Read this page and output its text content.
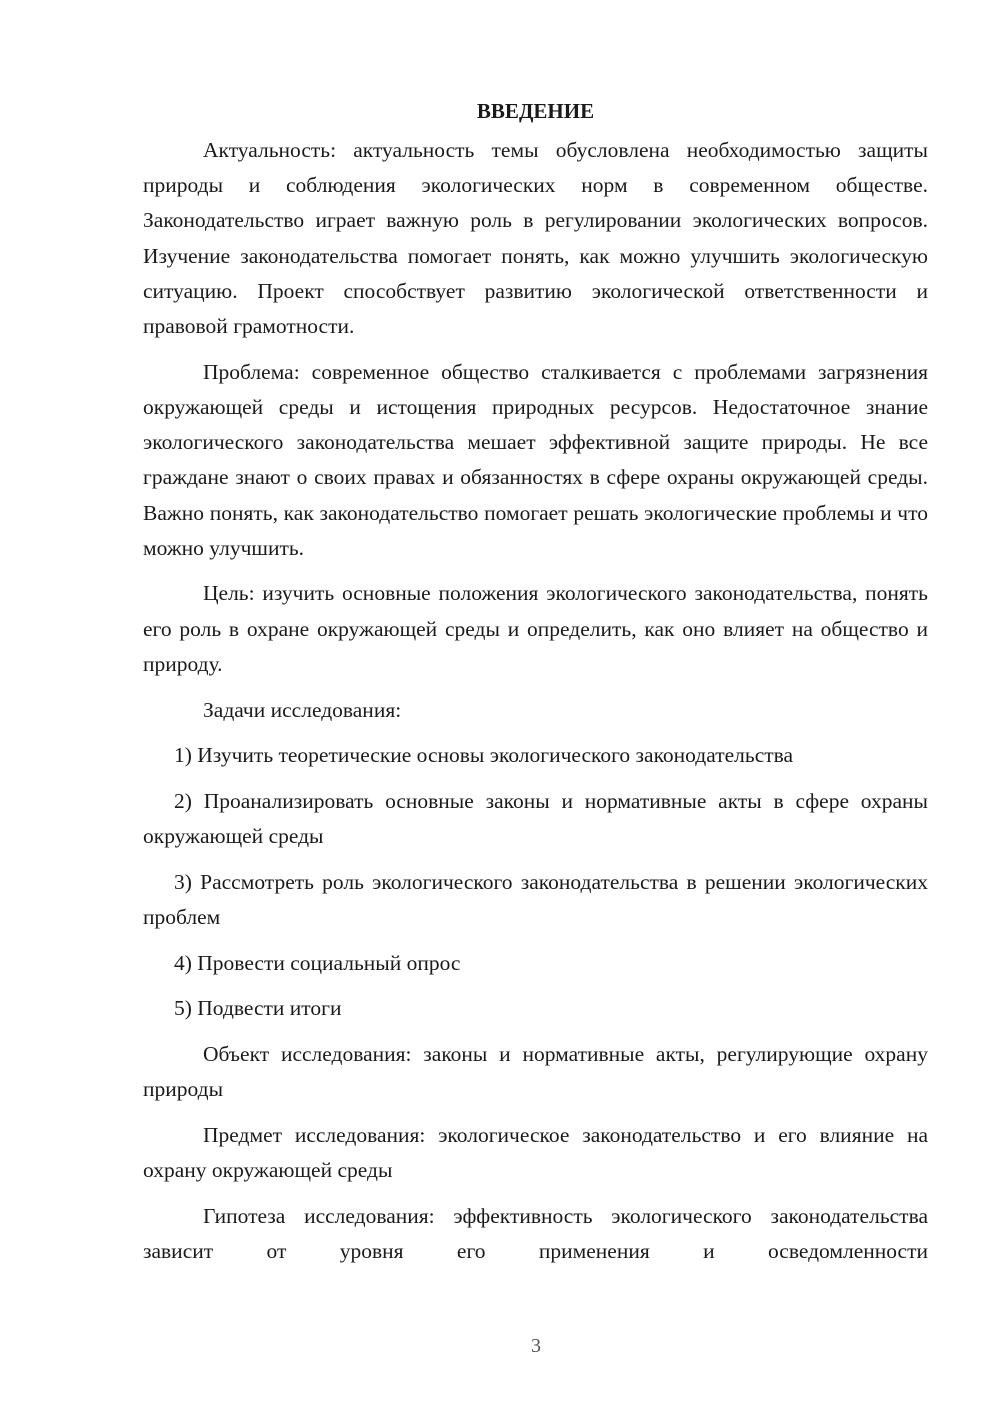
ВВЕДЕНИЕ

Актуальность: актуальность темы обусловлена необходимостью защиты природы и соблюдения экологических норм в современном обществе. Законодательство играет важную роль в регулировании экологических вопросов. Изучение законодательства помогает понять, как можно улучшить экологическую ситуацию. Проект способствует развитию экологической ответственности и правовой грамотности.

Проблема: современное общество сталкивается с проблемами загрязнения окружающей среды и истощения природных ресурсов. Недостаточное знание экологического законодательства мешает эффективной защите природы. Не все граждане знают о своих правах и обязанностях в сфере охраны окружающей среды. Важно понять, как законодательство помогает решать экологические проблемы и что можно улучшить.

Цель: изучить основные положения экологического законодательства, понять его роль в охране окружающей среды и определить, как оно влияет на общество и природу.

Задачи исследования:

1) Изучить теоретические основы экологического законодательства

2) Проанализировать основные законы и нормативные акты в сфере охраны окружающей среды

3) Рассмотреть роль экологического законодательства в решении экологических проблем

4) Провести социальный опрос

5) Подвести итоги

Объект исследования: законы и нормативные акты, регулирующие охрану природы

Предмет исследования: экологическое законодательство и его влияние на охрану окружающей среды

Гипотеза исследования: эффективность экологического законодательства зависит от уровня его применения и осведомленности

3
